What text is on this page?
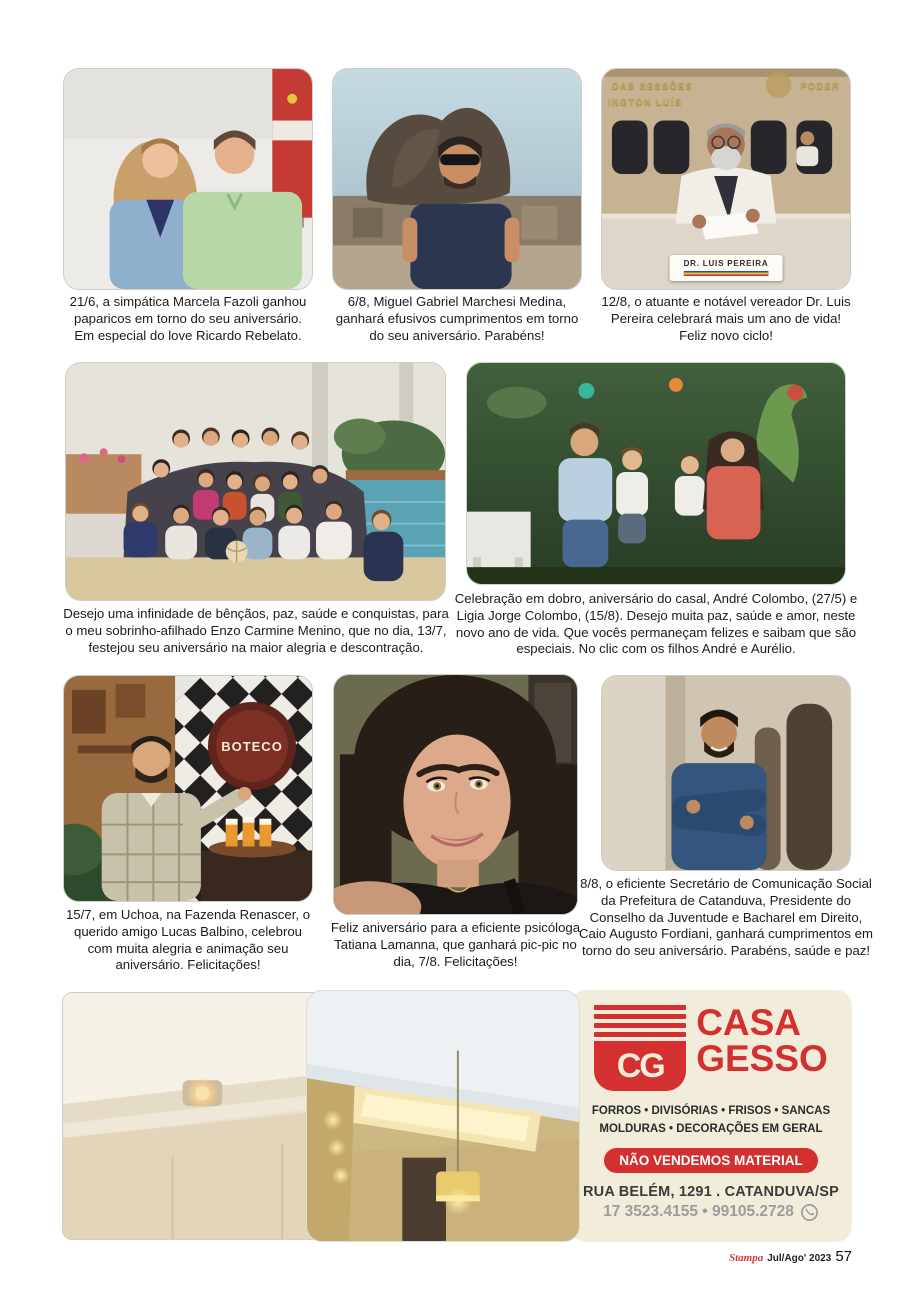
21/6, a simpática Marcela Fazoli ganhou paparicos em torno do seu aniversário. Em especial do love Ricardo Rebelato.
6/8, Miguel Gabriel Marchesi Medina, ganhará efusivos cumprimentos em torno do seu aniversário. Parabéns!
DAS SESSÕES
INGTON LUÍS
PODER
DR. LUIS PEREIRA
12/8, o atuante e notável vereador Dr. Luis Pereira celebrará mais um ano de vida! Feliz novo ciclo!
Desejo uma infinidade de bênçãos, paz, saúde e conquistas, para o meu sobrinho-afilhado Enzo Carmine Menino, que no dia, 13/7, festejou seu aniversário na maior alegria e descontração.
Celebração em dobro, aniversário do casal, André Colombo, (27/5) e Ligia Jorge Colombo, (15/8). Desejo muita paz, saúde e amor, neste novo ano de vida. Que vocês permaneçam felizes e saibam que são especiais. No clic com os filhos André e Aurélio.
BOTECO
15/7, em Uchoa, na Fazenda Renascer, o querido amigo Lucas Balbino, celebrou com muita alegria e animação seu aniversário. Felicitações!
Feliz aniversário para a eficiente psicóloga Tatiana Lamanna, que ganhará pic-pic no dia, 7/8. Felicitações!
8/8, o eficiente Secretário de Comunicação Social da Prefeitura de Catanduva, Presidente do Conselho da Juventude e Bacharel em Direito, Caio Augusto Fordiani, ganhará cumprimentos em torno do seu aniversário. Parabéns, saúde e paz!
CG
CASA
GESSO
FORROS • DIVISÓRIAS • FRISOS • SANCAS
MOLDURAS • DECORAÇÕES EM GERAL
NÃO VENDEMOS MATERIAL
RUA BELÉM, 1291 . CATANDUVA/SP
17 3523.4155 • 99105.2728
Stampa Jul/Ago' 2023 57
